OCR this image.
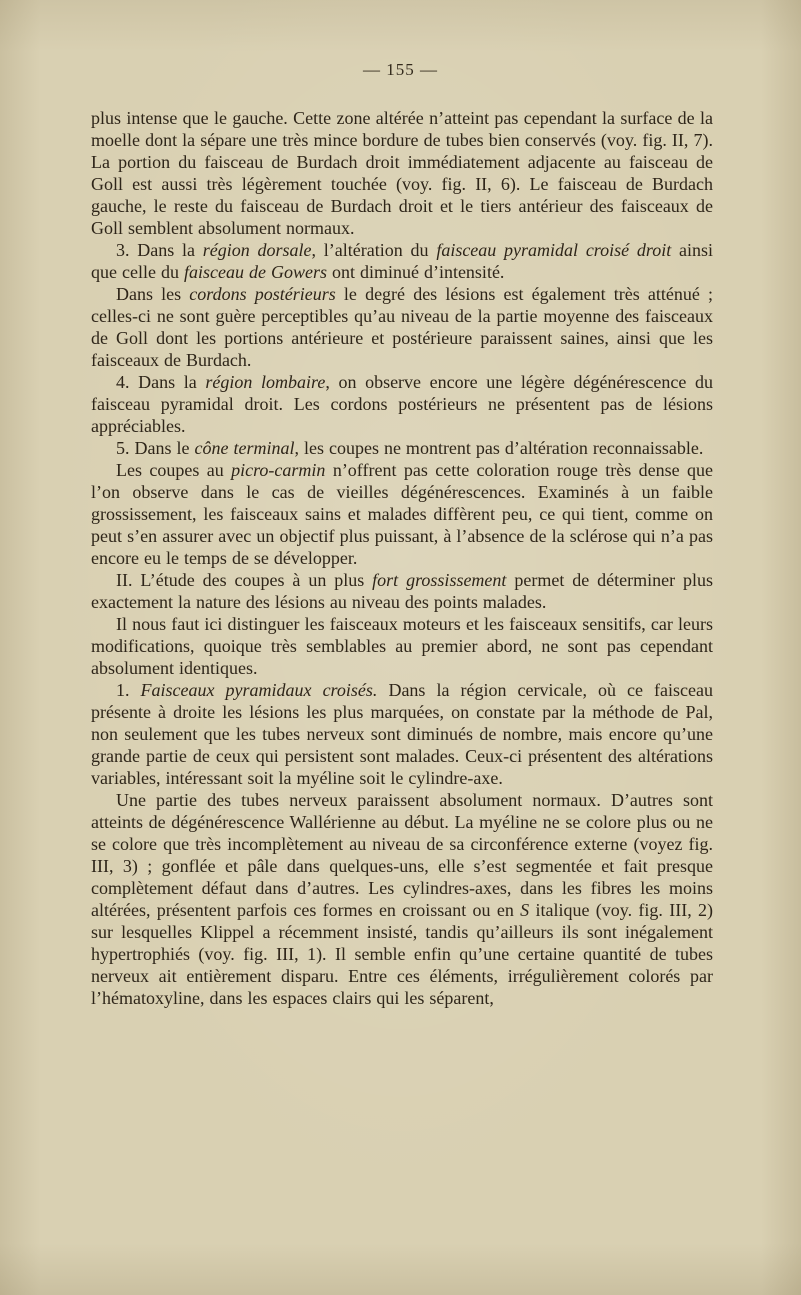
— 155 —

plus intense que le gauche. Cette zone altérée n’atteint pas cependant la surface de la moelle dont la sépare une très mince bordure de tubes bien conservés (voy. fig. II, 7). La portion du faisceau de Burdach droit immédiatement adjacente au faisceau de Goll est aussi très légèrement touchée (voy. fig. II, 6). Le faisceau de Burdach gauche, le reste du faisceau de Burdach droit et le tiers antérieur des faisceaux de Goll semblent absolument normaux.

3. Dans la région dorsale, l’altération du faisceau pyramidal croisé droit ainsi que celle du faisceau de Gowers ont diminué d’intensité.

Dans les cordons postérieurs le degré des lésions est également très atténué ; celles-ci ne sont guère perceptibles qu’au niveau de la partie moyenne des faisceaux de Goll dont les portions antérieure et postérieure paraissent saines, ainsi que les faisceaux de Burdach.

4. Dans la région lombaire, on observe encore une légère dégénérescence du faisceau pyramidal droit. Les cordons postérieurs ne présentent pas de lésions appréciables.

5. Dans le cône terminal, les coupes ne montrent pas d’altération reconnaissable.

Les coupes au picro-carmin n’offrent pas cette coloration rouge très dense que l’on observe dans le cas de vieilles dégénérescences. Examinés à un faible grossissement, les faisceaux sains et malades diffèrent peu, ce qui tient, comme on peut s’en assurer avec un objectif plus puissant, à l’absence de la sclérose qui n’a pas encore eu le temps de se développer.

II. L’étude des coupes à un plus fort grossissement permet de déterminer plus exactement la nature des lésions au niveau des points malades.

Il nous faut ici distinguer les faisceaux moteurs et les faisceaux sensitifs, car leurs modifications, quoique très semblables au premier abord, ne sont pas cependant absolument identiques.

1. Faisceaux pyramidaux croisés. Dans la région cervicale, où ce faisceau présente à droite les lésions les plus marquées, on constate par la méthode de Pal, non seulement que les tubes nerveux sont diminués de nombre, mais encore qu’une grande partie de ceux qui persistent sont malades. Ceux-ci présentent des altérations variables, intéressant soit la myéline soit le cylindre-axe.

Une partie des tubes nerveux paraissent absolument normaux. D’autres sont atteints de dégénérescence Wallérienne au début. La myéline ne se colore plus ou ne se colore que très incomplètement au niveau de sa circonférence externe (voyez fig. III, 3) ; gonflée et pâle dans quelques-uns, elle s’est segmentée et fait presque complètement défaut dans d’autres. Les cylindres-axes, dans les fibres les moins altérées, présentent parfois ces formes en croissant ou en S italique (voy. fig. III, 2) sur lesquelles Klippel a récemment insisté, tandis qu’ailleurs ils sont inégalement hypertrophiés (voy. fig. III, 1). Il semble enfin qu’une certaine quantité de tubes nerveux ait entièrement disparu. Entre ces éléments, irrégulièrement colorés par l’hématoxyline, dans les espaces clairs qui les séparent,
